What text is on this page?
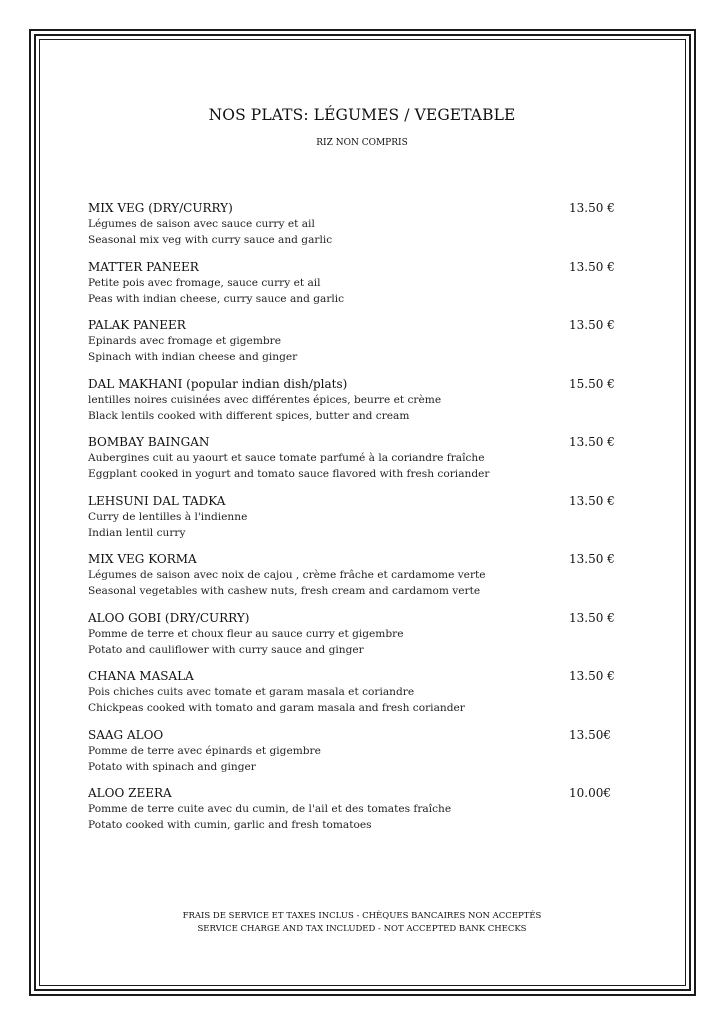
NOS PLATS: LÉGUMES / VEGETABLE
RIZ NON COMPRIS
MIX VEG (DRY/CURRY)	13.50 €
Légumes de saison avec sauce curry et ail
Seasonal mix veg with curry sauce and garlic
MATTER PANEER	13.50 €
Petite pois avec fromage, sauce curry et ail
Peas with indian cheese, curry sauce and garlic
PALAK PANEER	13.50 €
Epinards avec fromage et gigembre
Spinach with indian cheese and ginger
DAL MAKHANI (popular indian dish/plats)	15.50 €
lentilles noires cuisinées avec différentes épices, beurre et crème
Black lentils cooked with different spices, butter and cream
BOMBAY BAINGAN	13.50 €
Aubergines cuit au yaourt et sauce tomate parfumé à la coriandre fraîche
Eggplant cooked in yogurt and tomato sauce flavored with fresh coriander
LEHSUNI DAL TADKA	13.50 €
Curry de lentilles à l'indienne
Indian lentil curry
MIX VEG KORMA	13.50 €
Légumes de saison avec noix de cajou , crème frâche et cardamome verte
Seasonal vegetables with cashew nuts, fresh cream and cardamom verte
ALOO GOBI (DRY/CURRY)	13.50 €
Pomme de terre et choux fleur au sauce curry et gigembre
Potato and cauliflower with curry sauce and ginger
CHANA MASALA	13.50 €
Pois chiches cuits avec tomate et garam masala et coriandre
Chickpeas cooked with tomato and garam masala and fresh coriander
SAAG ALOO	13.50€
Pomme de terre avec épinards et gigembre
Potato with spinach and ginger
ALOO ZEERA	10.00€
Pomme de terre cuite avec du cumin, de l'ail et des tomates fraîche
Potato cooked with cumin, garlic and fresh tomatoes
FRAIS DE SERVICE ET TAXES INCLUS - CHÈQUES BANCAIRES NON ACCEPTÉS
SERVICE CHARGE AND TAX INCLUDED - NOT ACCEPTED BANK CHECKS
